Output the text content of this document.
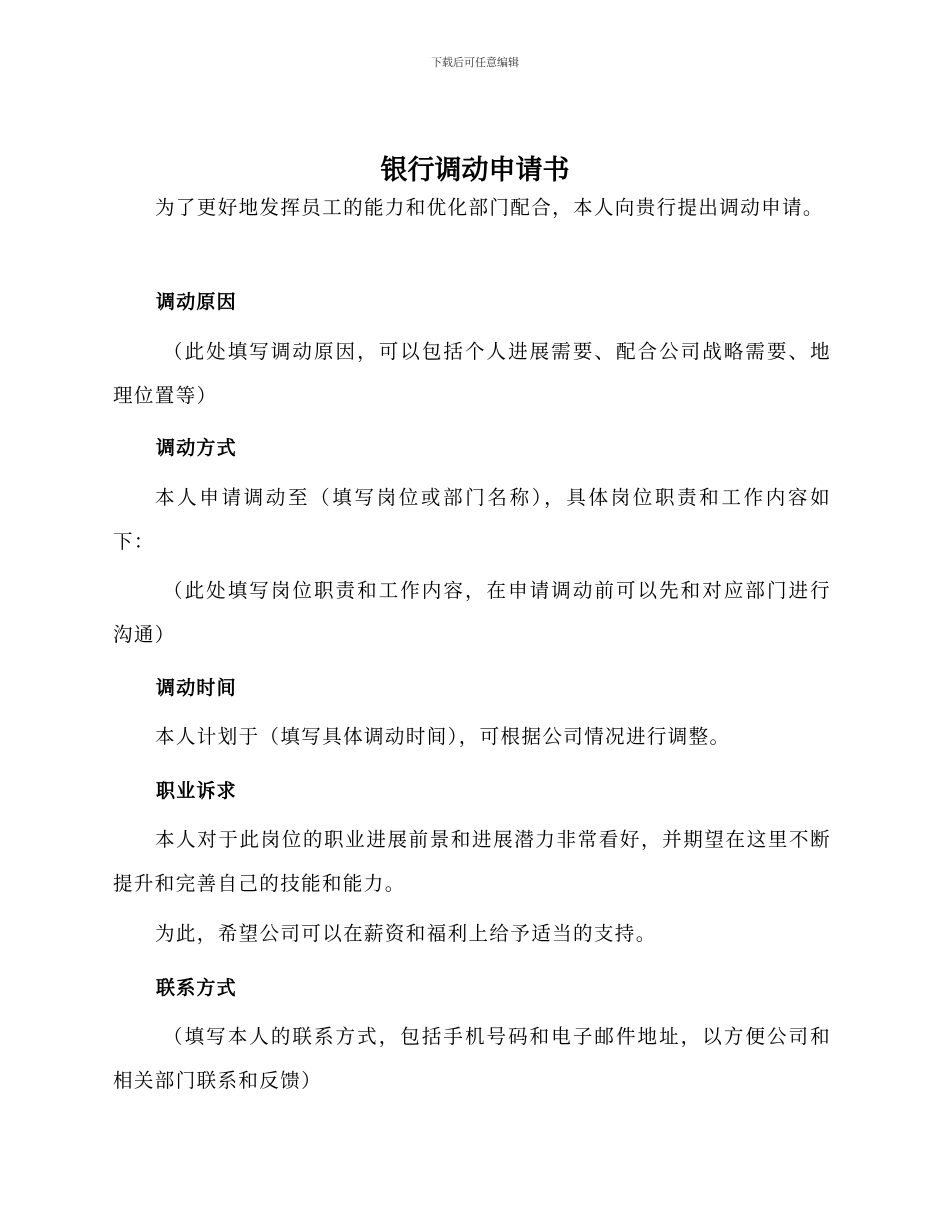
下载后可任意编辑
银行调动申请书

为了更好地发挥员工的能力和优化部门配合，本人向贵行提出调动申请。

调动原因

（此处填写调动原因，可以包括个人进展需要、配合公司战略需要、地理位置等）

调动方式

本人申请调动至（填写岗位或部门名称），具体岗位职责和工作内容如下：

（此处填写岗位职责和工作内容，在申请调动前可以先和对应部门进行沟通）

调动时间

本人计划于（填写具体调动时间），可根据公司情况进行调整。

职业诉求

本人对于此岗位的职业进展前景和进展潜力非常看好，并期望在这里不断提升和完善自己的技能和能力。

为此，希望公司可以在薪资和福利上给予适当的支持。

联系方式

（填写本人的联系方式，包括手机号码和电子邮件地址，以方便公司和相关部门联系和反馈）
